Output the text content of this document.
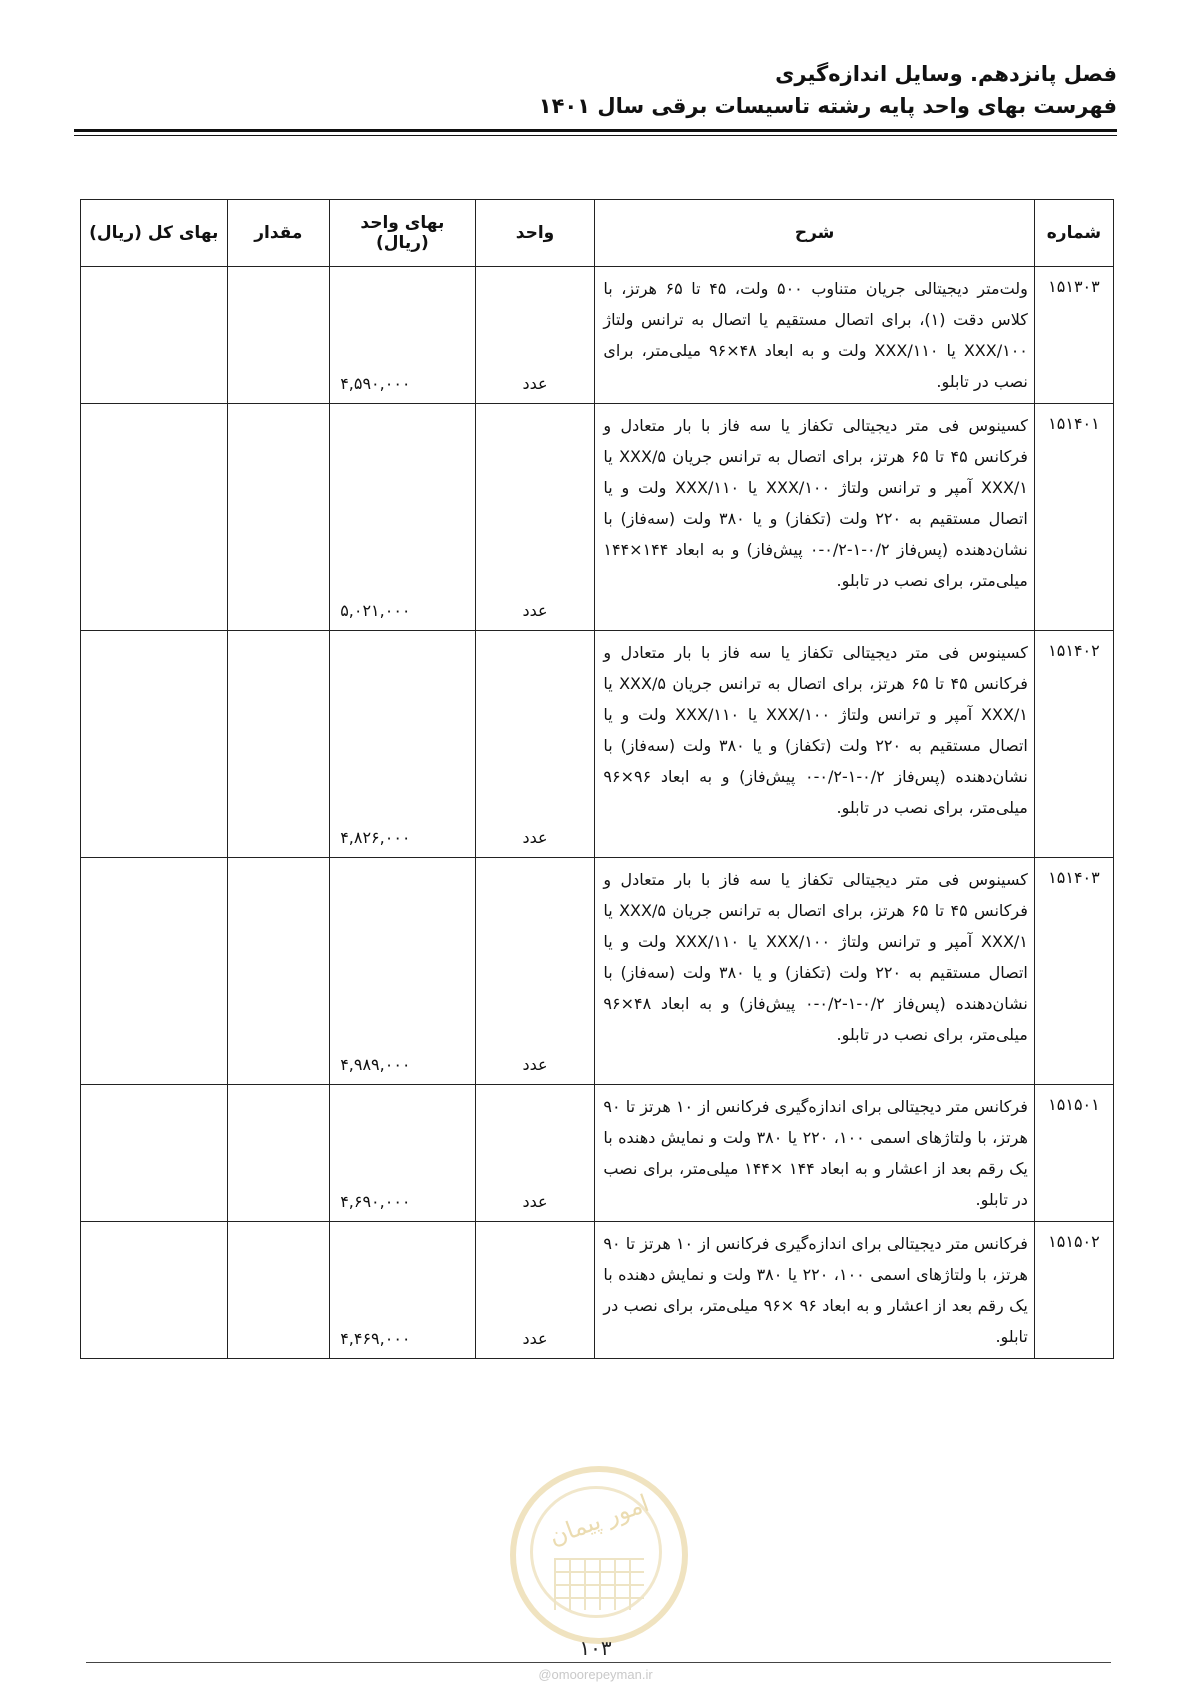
فصل پانزدهم. وسایل اندازه‌گیری
فهرست بهای واحد پایه رشته تاسیسات برقی سال ۱۴۰۱
شماره	شرح	واحد	بهای واحد (ریال)	مقدار	بهای کل (ریال)
۱۵۱۳۰۳	ولت‌متر دیجیتالی جریان متناوب ۵۰۰ ولت، ۴۵ تا ۶۵ هرتز، با کلاس دقت (۱)، برای اتصال مستقیم یا اتصال به ترانس ولتاژ XXX/۱۰۰ یا XXX/۱۱۰ ولت و به ابعاد ۴۸×۹۶ میلی‌متر، برای نصب در تابلو.	عدد	۴,۵۹۰,۰۰۰		
۱۵۱۴۰۱	کسینوس فی متر دیجیتالی تکفاز یا سه فاز با بار متعادل و فرکانس ۴۵ تا ۶۵ هرتز، برای اتصال به ترانس جریان XXX/۵ یا XXX/۱ آمپر و ترانس ولتاژ XXX/۱۰۰ یا XXX/۱۱۰ ولت و یا اتصال مستقیم به ۲۲۰ ولت (تکفاز) و یا ۳۸۰ ولت (سه‌فاز) با نشان‌دهنده (پس‌فاز ۰/۲-۱-۰/۲-۰ پیش‌فاز) و به ابعاد ۱۴۴×۱۴۴ میلی‌متر، برای نصب در تابلو.	عدد	۵,۰۲۱,۰۰۰		
۱۵۱۴۰۲	کسینوس فی متر دیجیتالی تکفاز یا سه فاز با بار متعادل و فرکانس ۴۵ تا ۶۵ هرتز، برای اتصال به ترانس جریان XXX/۵ یا XXX/۱ آمپر و ترانس ولتاژ XXX/۱۰۰ یا XXX/۱۱۰ ولت و یا اتصال مستقیم به ۲۲۰ ولت (تکفاز) و یا ۳۸۰ ولت (سه‌فاز) با نشان‌دهنده (پس‌فاز ۰/۲-۱-۰/۲-۰ پیش‌فاز) و به ابعاد ۹۶×۹۶ میلی‌متر، برای نصب در تابلو.	عدد	۴,۸۲۶,۰۰۰		
۱۵۱۴۰۳	کسینوس فی متر دیجیتالی تکفاز یا سه فاز با بار متعادل و فرکانس ۴۵ تا ۶۵ هرتز، برای اتصال به ترانس جریان XXX/۵ یا XXX/۱ آمپر و ترانس ولتاژ XXX/۱۰۰ یا XXX/۱۱۰ ولت و یا اتصال مستقیم به ۲۲۰ ولت (تکفاز) و یا ۳۸۰ ولت (سه‌فاز) با نشان‌دهنده (پس‌فاز ۰/۲-۱-۰/۲-۰ پیش‌فاز) و به ابعاد ۴۸×۹۶ میلی‌متر، برای نصب در تابلو.	عدد	۴,۹۸۹,۰۰۰		
۱۵۱۵۰۱	فرکانس متر دیجیتالی برای اندازه‌گیری فرکانس از ۱۰ هرتز تا ۹۰ هرتز، با ولتاژهای اسمی ۱۰۰، ۲۲۰ یا ۳۸۰ ولت و نمایش دهنده با یک رقم بعد از اعشار و به ابعاد ۱۴۴ ×۱۴۴ میلی‌متر، برای نصب در تابلو.	عدد	۴,۶۹۰,۰۰۰		
۱۵۱۵۰۲	فرکانس متر دیجیتالی برای اندازه‌گیری فرکانس از ۱۰ هرتز تا ۹۰ هرتز، با ولتاژهای اسمی ۱۰۰، ۲۲۰ یا ۳۸۰ ولت و نمایش دهنده با یک رقم بعد از اعشار و به ابعاد ۹۶ ×۹۶ میلی‌متر، برای نصب در تابلو.	عدد	۴,۴۶۹,۰۰۰		
امور پیمان
۱۰۳
@omoorepeyman.ir
